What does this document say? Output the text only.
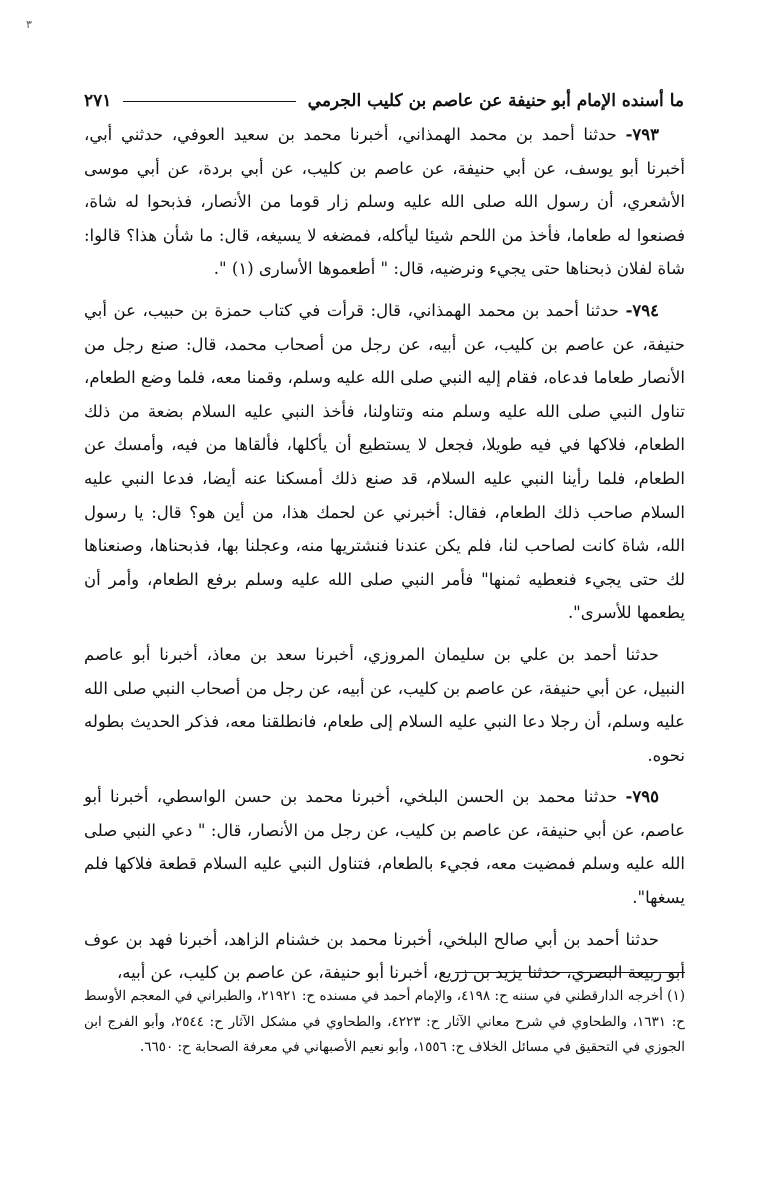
٣
ما أسنده الإمام أبو حنيفة عن عاصم بن كليب الجرمي
٢٧١

٧٩٣- حدثنا أحمد بن محمد الهمذاني، أخبرنا محمد بن سعيد العوفي، حدثني أبي، أخبرنا أبو يوسف، عن أبي حنيفة، عن عاصم بن كليب، عن أبي بردة، عن أبي موسى الأشعري، أن رسول الله صلى الله عليه وسلم زار قوما من الأنصار، فذبحوا له شاة، فصنعوا له طعاما، فأخذ من اللحم شيئا ليأكله، فمضغه لا يسيغه، قال: ما شأن هذا؟ قالوا: شاة لفلان ذبحناها حتى يجيء ونرضيه، قال: " أطعموها الأسارى (١) ".

٧٩٤- حدثنا أحمد بن محمد الهمذاني، قال: قرأت في كتاب حمزة بن حبيب، عن أبي حنيفة، عن عاصم بن كليب، عن أبيه، عن رجل من أصحاب محمد، قال: صنع رجل من الأنصار طعاما فدعاه، فقام إليه النبي صلى الله عليه وسلم، وقمنا معه، فلما وضع الطعام، تناول النبي صلى الله عليه وسلم منه وتناولنا، فأخذ النبي عليه السلام بضعة من ذلك الطعام، فلاكها في فيه طويلا، فجعل لا يستطيع أن يأكلها، فألقاها من فيه، وأمسك عن الطعام، فلما رأينا النبي عليه السلام، قد صنع ذلك أمسكنا عنه أيضا، فدعا النبي عليه السلام صاحب ذلك الطعام، فقال: أخبرني عن لحمك هذا، من أين هو؟ قال: يا رسول الله، شاة كانت لصاحب لنا، فلم يكن عندنا فنشتريها منه، وعجلنا بها، فذبحناها، وصنعناها لك حتى يجيء فنعطيه ثمنها" فأمر النبي صلى الله عليه وسلم برفع الطعام، وأمر أن يطعمها للأسرى".

حدثنا أحمد بن علي بن سليمان المروزي، أخبرنا سعد بن معاذ، أخبرنا أبو عاصم النبيل، عن أبي حنيفة، عن عاصم بن كليب، عن أبيه، عن رجل من أصحاب النبي صلى الله عليه وسلم، أن رجلا دعا النبي عليه السلام إلى طعام، فانطلقنا معه، فذكر الحديث بطوله نحوه.

٧٩٥- حدثنا محمد بن الحسن البلخي، أخبرنا محمد بن حسن الواسطي، أخبرنا أبو عاصم، عن أبي حنيفة، عن عاصم بن كليب، عن رجل من الأنصار، قال: " دعي النبي صلى الله عليه وسلم فمضيت معه، فجيء بالطعام، فتناول النبي عليه السلام قطعة فلاكها فلم يسغها".

حدثنا أحمد بن أبي صالح البلخي، أخبرنا محمد بن خشنام الزاهد، أخبرنا فهد بن عوف أبو ربيعة البصري، حدثنا يزيد بن زريع، أخبرنا أبو حنيفة، عن عاصم بن كليب، عن أبيه،

(١) أخرجه الدارقطني في سننه ح: ٤١٩٨، والإمام أحمد في مسنده ح: ٢١٩٢١، والطبراني في المعجم الأوسط ح: ١٦٣١، والطحاوي في شرح معاني الآثار ح: ٤٢٢٣، والطحاوي في مشكل الآثار ح: ٢٥٤٤، وأبو الفرج ابن الجوزي في التحقيق في مسائل الخلاف ح: ١٥٥٦، وأبو نعيم الأصبهاني في معرفة الصحابة ح: ٦٦٥٠.
